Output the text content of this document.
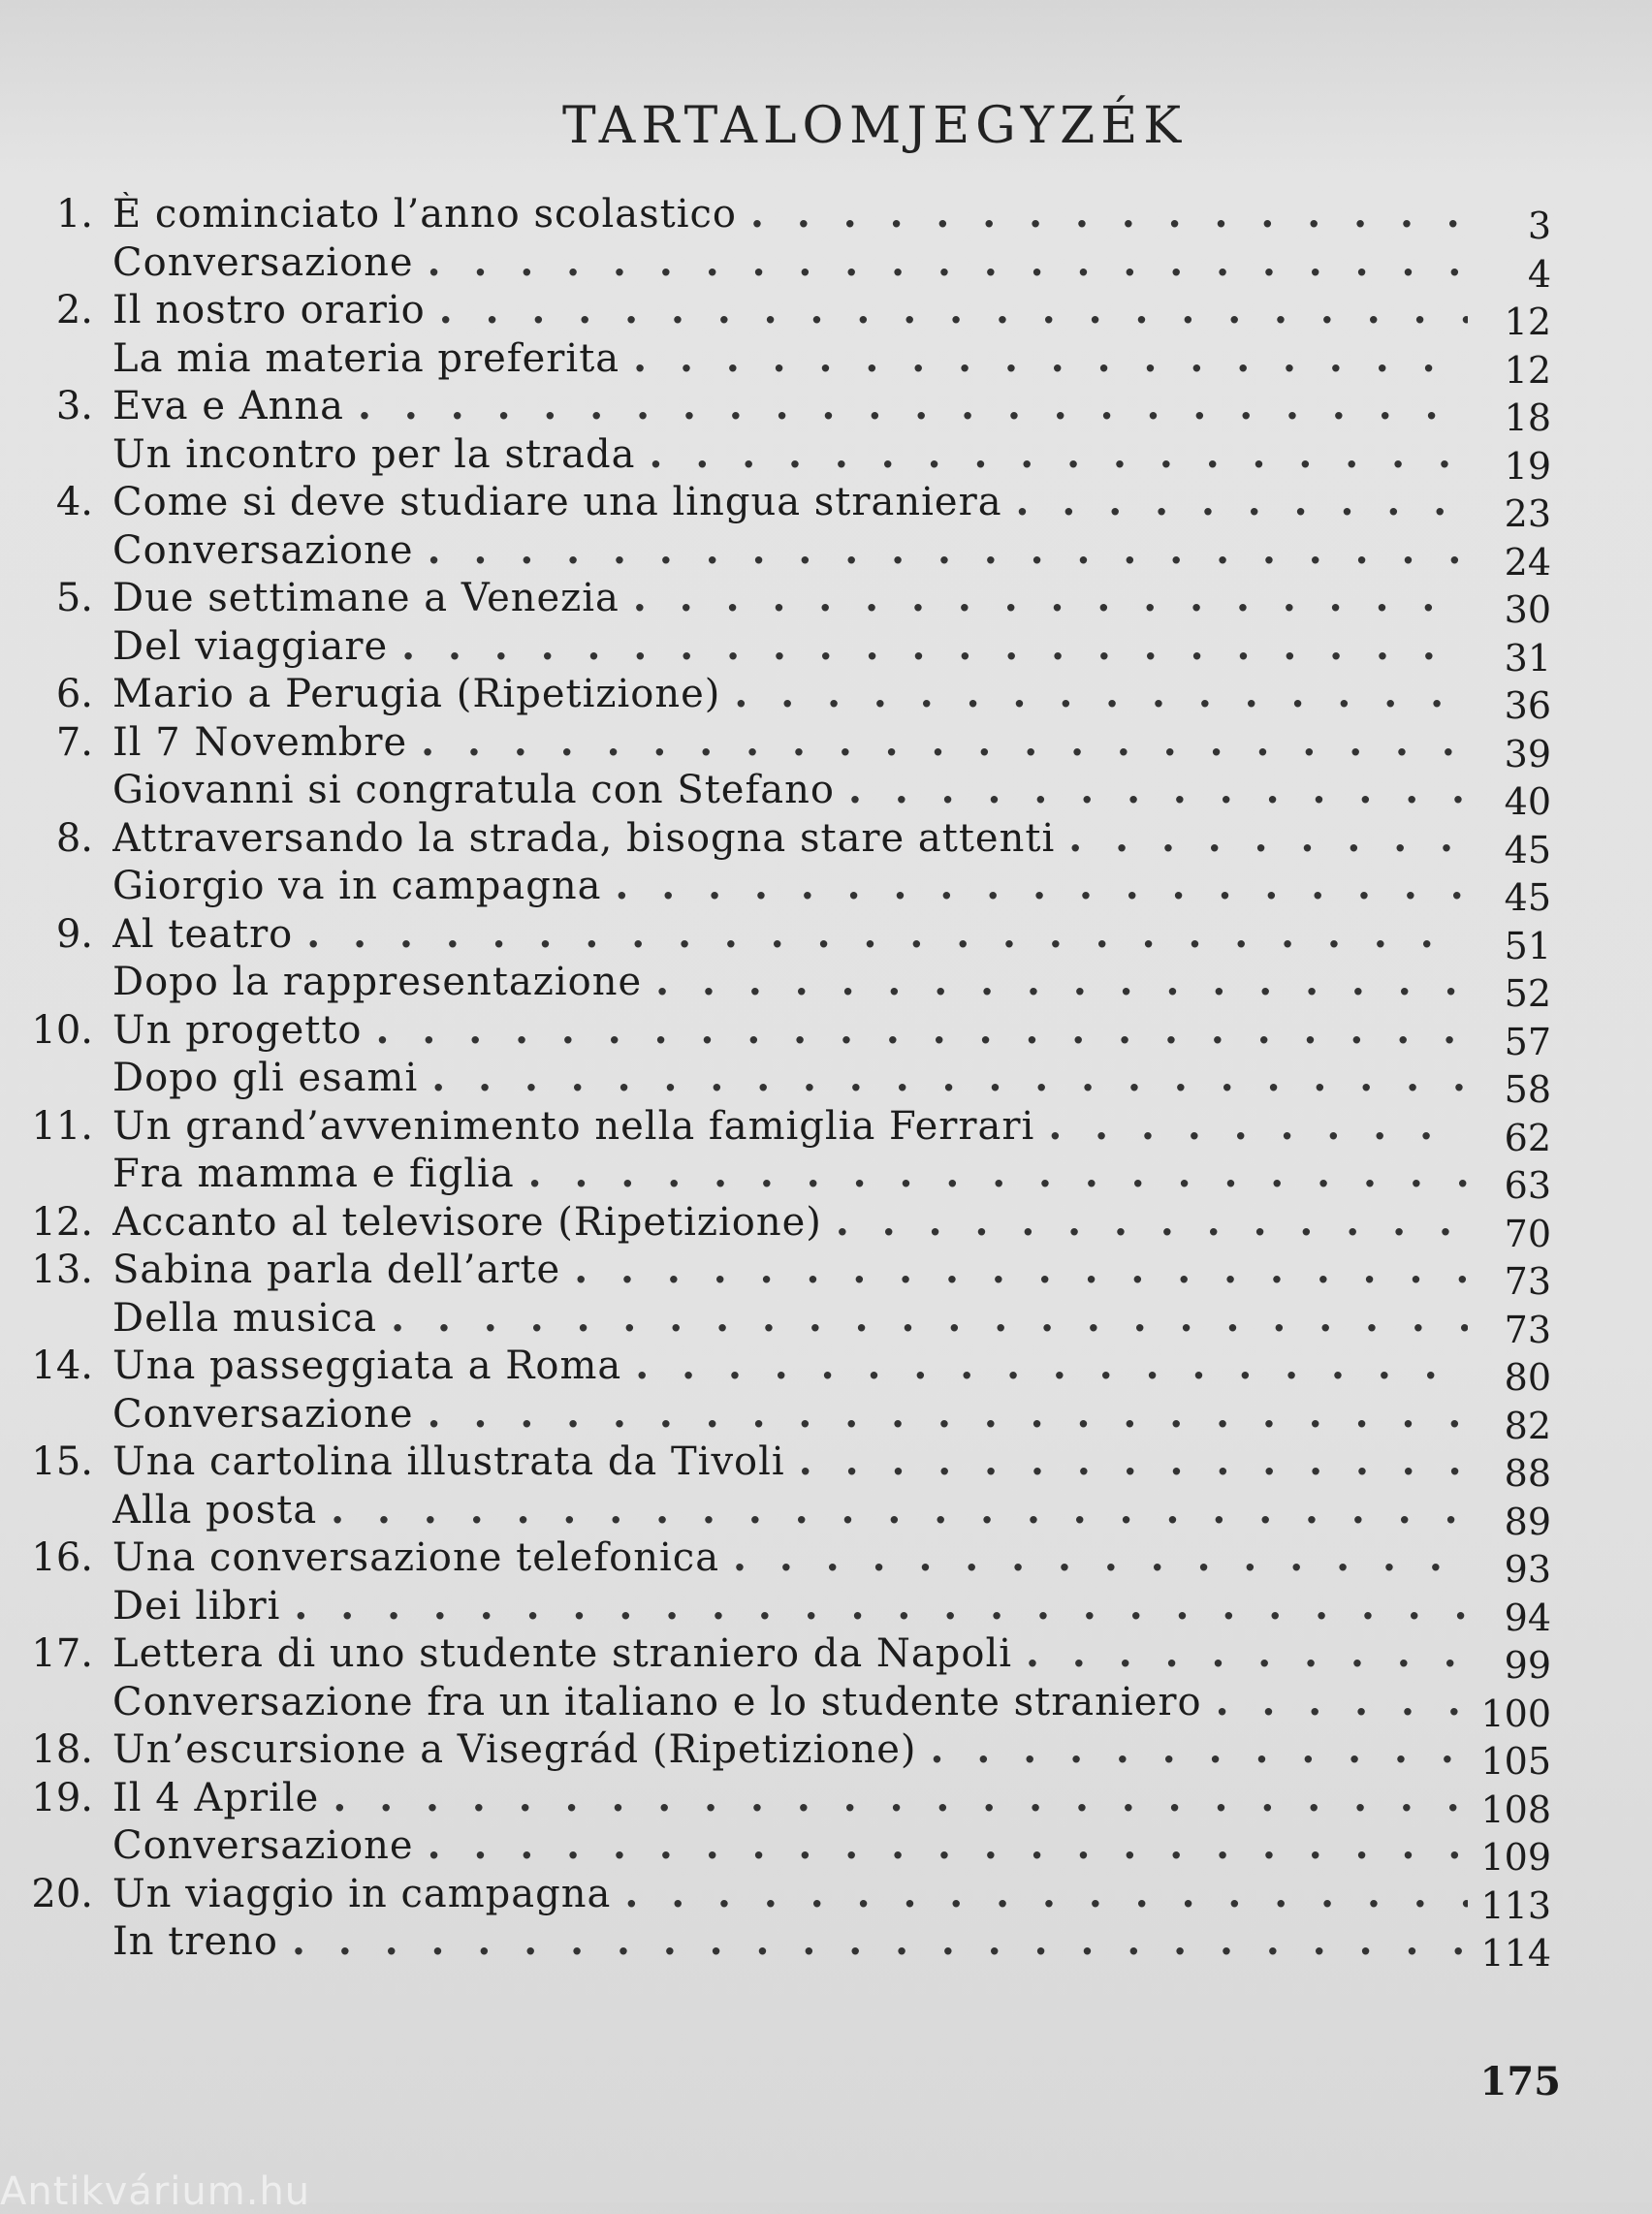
TARTALOMJEGYZÉK
1. È cominciato l’anno scolastico . . .	3
Conversazione . . .	4
2. Il nostro orario . . .	12
La mia materia preferita . . .	12
3. Eva e Anna . . .	18
Un incontro per la strada . . .	19
4. Come si deve studiare una lingua straniera . . .	23
Conversazione . . .	24
5. Due settimane a Venezia . . .	30
Del viaggiare . . .	31
6. Mario a Perugia (Ripetizione) . . .	36
7. Il 7 Novembre . . .	39
Giovanni si congratula con Stefano . . .	40
8. Attraversando la strada, bisogna stare attenti . . .	45
Giorgio va in campagna . . .	45
9. Al teatro . . .	51
Dopo la rappresentazione . . .	52
10. Un progetto . . .	57
Dopo gli esami . . .	58
11. Un grand’avvenimento nella famiglia Ferrari . . .	62
Fra mamma e figlia . . .	63
12. Accanto al televisore (Ripetizione) . . .	70
13. Sabina parla dell’arte . . .	73
Della musica . . .	73
14. Una passeggiata a Roma . . .	80
Conversazione . . .	82
15. Una cartolina illustrata da Tivoli . . .	88
Alla posta . . .	89
16. Una conversazione telefonica . . .	93
Dei libri . . .	94
17. Lettera di uno studente straniero da Napoli . . .	99
Conversazione fra un italiano e lo studente straniero . . .	100
18. Un’escursione a Visegrád (Ripetizione) . . .	105
19. Il 4 Aprile . . .	108
Conversazione . . .	109
20. Un viaggio in campagna . . .	113
In treno . . .	114
175
Antikvárium.hu
